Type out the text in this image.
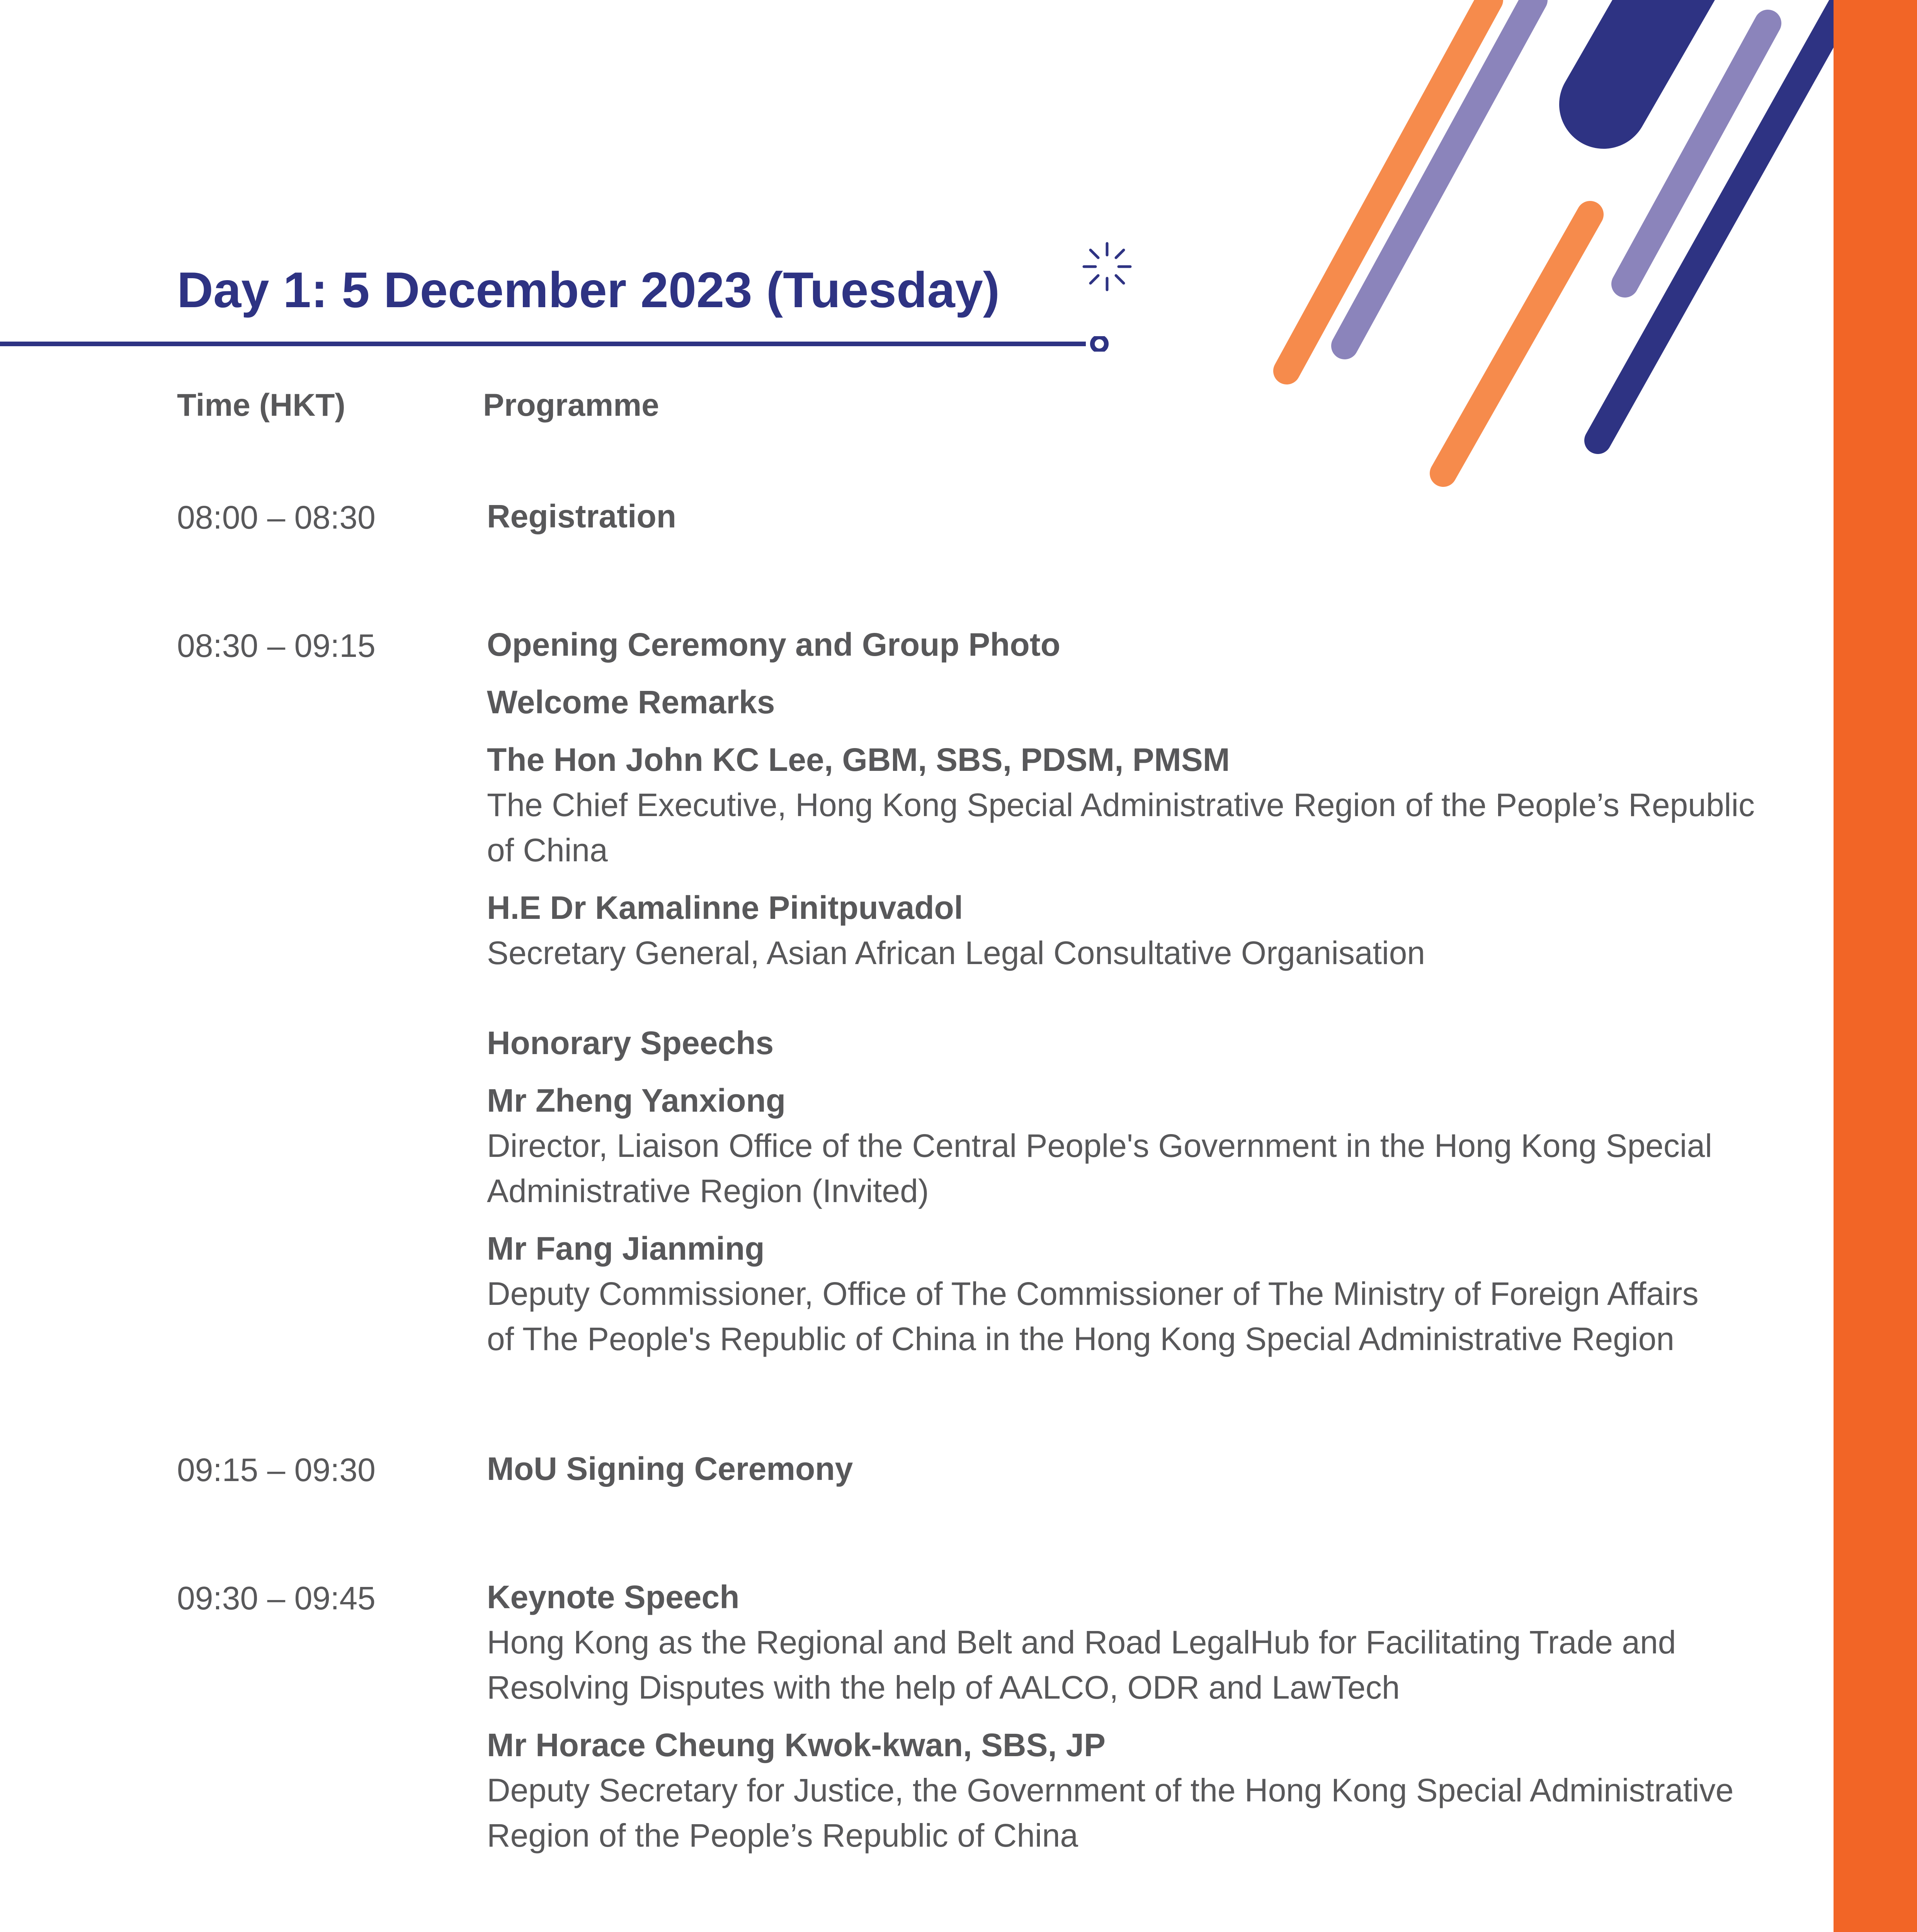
Day 1: 5 December 2023 (Tuesday)
Time (HKT)	Programme
08:00 – 08:30	Registration
08:30 – 09:15	Opening Ceremony and Group Photo
Welcome Remarks
The Hon John KC Lee, GBM, SBS, PDSM, PMSM
The Chief Executive, Hong Kong Special Administrative Region of the People’s Republic
of China
H.E Dr Kamalinne Pinitpuvadol
Secretary General, Asian African Legal Consultative Organisation
Honorary Speechs
Mr Zheng Yanxiong
Director, Liaison Office of the Central People's Government in the Hong Kong Special
Administrative Region (Invited)
Mr Fang Jianming
Deputy Commissioner, Office of The Commissioner of The Ministry of Foreign Affairs
of The People's Republic of China in the Hong Kong Special Administrative Region
09:15 – 09:30	MoU Signing Ceremony
09:30 – 09:45	Keynote Speech
Hong Kong as the Regional and Belt and Road LegalHub for Facilitating Trade and
Resolving Disputes with the help of AALCO, ODR and LawTech
Mr Horace Cheung Kwok-kwan, SBS, JP
Deputy Secretary for Justice, the Government of the Hong Kong Special Administrative
Region of the People’s Republic of China
